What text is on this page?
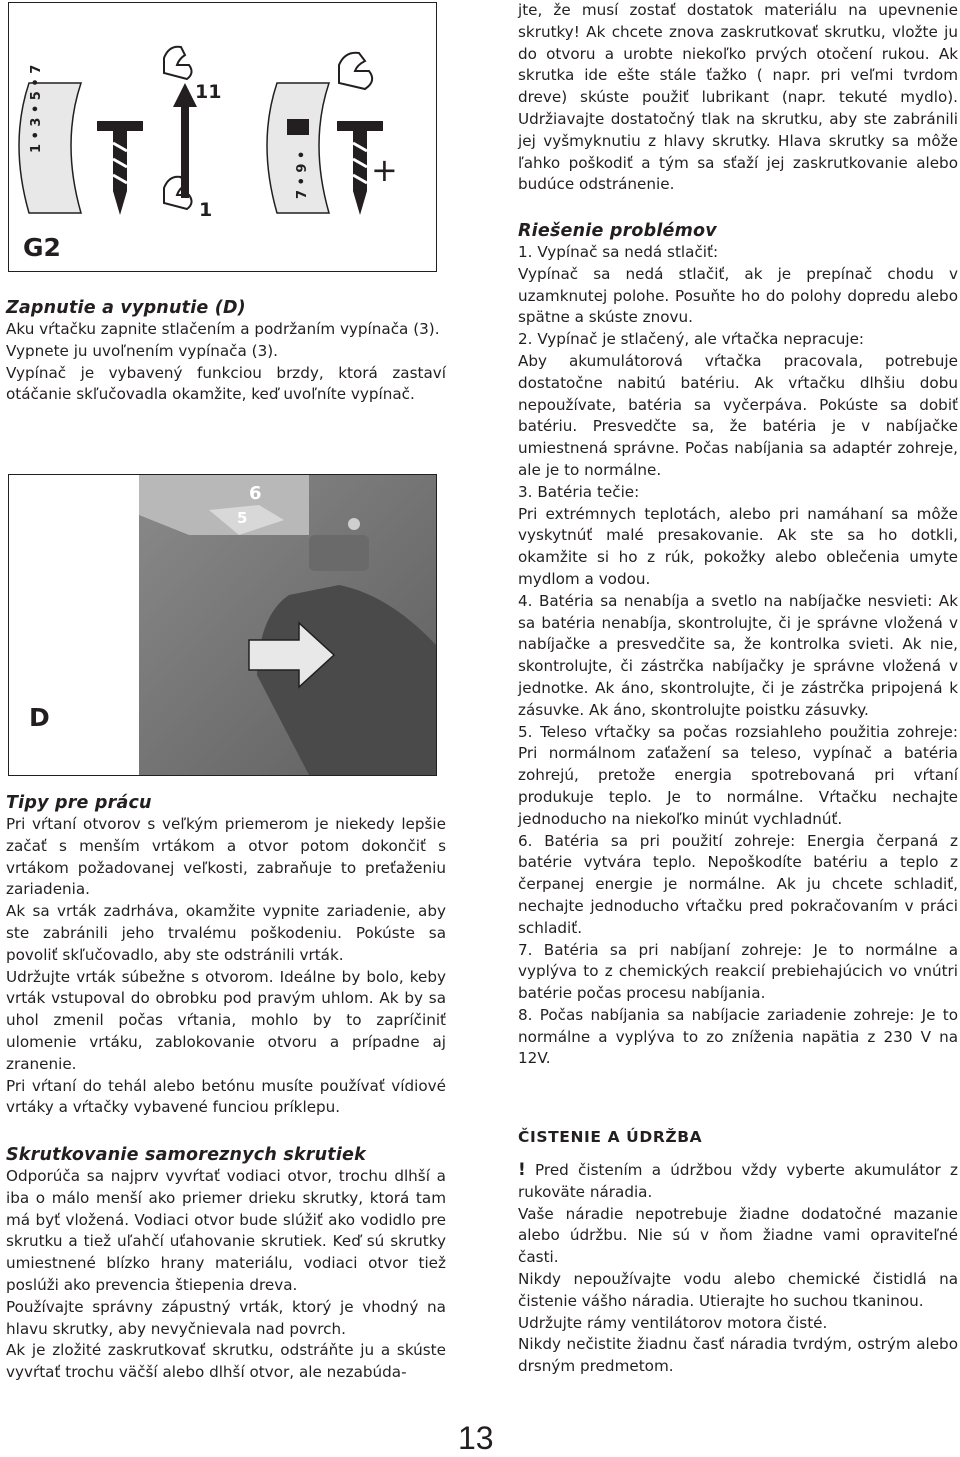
1 • 3 • 5 • 7
7 • 9 •
11
1
+
G2

Zapnutie a vypnutie (D)

Aku vŕtačku zapnite stlačením a podržaním vypínača (3).

Vypnete ju uvoľnením vypínača (3).

Vypínač je vybavený funkciou brzdy, ktorá zastaví otáčanie skľučovadla okamžite, keď uvoľníte vypínač.

6
5
D

Tipy pre prácu

Pri vŕtaní otvorov s veľkým priemerom je niekedy lepšie začať s menším vrtákom a otvor potom dokončiť s vrtákom požadovanej veľkosti, zabraňuje to preťaženiu zariadenia.

Ak sa vrták zadrháva, okamžite vypnite zariadenie, aby ste zabránili jeho trvalému poškodeniu. Pokúste sa povoliť skľučovadlo, aby ste odstránili vrták.

Udržujte vrták súbežne s otvorom. Ideálne by bolo, keby vrták vstupoval do obrobku pod pravým uhlom. Ak by sa uhol zmenil počas vŕtania, mohlo by to zapríčiniť ulomenie vrtáku, zablokovanie otvoru a prípadne aj zranenie.

Pri vŕtaní do tehál alebo betónu musíte používať vídiové vrtáky a vŕtačky vybavené funciou príklepu.

Skrutkovanie samoreznych skrutiek

Odporúča sa najprv vyvŕtať vodiaci otvor, trochu dlhší a iba o málo menší ako priemer drieku skrutky, ktorá tam má byť vložená. Vodiaci otvor bude slúžiť ako vodidlo pre skrutku a tiež uľahčí uťahovanie skrutiek. Keď sú skrutky umiestnené blízko hrany materiálu, vodiaci otvor tiež poslúži ako prevencia štiepenia dreva.

Používajte správny zápustný vrták, ktorý je vhodný na hlavu skrutky, aby nevyčnievala nad povrch.

Ak je zložité zaskrutkovať skrutku, odstráňte ju a skúste vyvŕtať trochu väčší alebo dlhší otvor, ale nezabúda-

jte, že musí zostať dostatok materiálu na upevnenie skrutky! Ak chcete znova zaskrutkovať skrutku, vložte ju do otvoru a urobte niekoľko prvých otočení rukou. Ak skrutka ide ešte stále ťažko ( napr. pri veľmi tvrdom dreve) skúste použiť lubrikant (napr. tekuté mydlo). Udržiavajte dostatočný tlak na skrutku, aby ste zabránili jej vyšmyknutiu z hlavy skrutky. Hlava skrutky sa môže ľahko poškodiť a tým sa sťaží jej zaskrutkovanie alebo budúce odstránenie.

Riešenie problémov

1. Vypínač sa nedá stlačiť:

Vypínač sa nedá stlačiť, ak je prepínač chodu v uzamknutej polohe. Posuňte ho do polohy dopredu alebo spätne a skúste znovu.

2. Vypínač je stlačený, ale vŕtačka nepracuje:

Aby akumulátorová vŕtačka pracovala, potrebuje dostatočne nabitú batériu. Ak vŕtačku dlhšiu dobu nepoužívate, batéria sa vyčerpáva. Pokúste sa dobiť batériu. Presvedčte sa, že batéria je v nabíjačke umiestnená správne. Počas nabíjania sa adaptér zohreje, ale je to normálne.

3. Batéria tečie:

Pri extrémnych teplotách, alebo pri namáhaní sa môže vyskytnúť malé presakovanie. Ak ste sa ho dotkli, okamžite si ho z rúk, pokožky alebo oblečenia umyte mydlom a vodou.

4. Batéria sa nenabíja a svetlo na nabíjačke nesvieti: Ak sa batéria nenabíja, skontrolujte, či je správne vložená v nabíjačke a presvedčite sa, že kontrolka svieti. Ak nie, skontrolujte, či zástrčka nabíjačky je správne vložená v jednotke. Ak áno, skontrolujte, či je zástrčka pripojená k zásuvke. Ak áno, skontrolujte poistku zásuvky.

5. Teleso vŕtačky sa počas rozsiahleho použitia zohreje: Pri normálnom zaťažení sa teleso, vypínač a batéria zohrejú, pretože energia spotrebovaná pri vŕtaní produkuje teplo. Je to normálne. Vŕtačku nechajte jednoducho na niekoľko minút vychladnúť.

6. Batéria sa pri použití zohreje: Energia čerpaná z batérie vytvára teplo. Nepoškodíte batériu a teplo z čerpanej energie je normálne. Ak ju chcete schladiť, nechajte jednoducho vŕtačku pred pokračovaním v práci schladiť.

7. Batéria sa pri nabíjaní zohreje: Je to normálne a vyplýva to z chemických reakcií prebiehajúcich vo vnútri batérie počas procesu nabíjania.

8. Počas nabíjania sa nabíjacie zariadenie zohreje: Je to normálne a vyplýva to zo zníženia napätia z 230 V na 12V.

ČISTENIE A ÚDRŽBA

! Pred čistením a údržbou vždy vyberte akumulátor z rukoväte náradia.

Vaše náradie nepotrebuje žiadne dodatočné mazanie alebo údržbu. Nie sú v ňom žiadne vami opraviteľné časti.

Nikdy nepoužívajte vodu alebo chemické čistidlá na čistenie vášho náradia. Utierajte ho suchou tkaninou.

Udržujte rámy ventilátorov motora čisté.

Nikdy nečistite žiadnu časť náradia tvrdým, ostrým alebo drsným predmetom.

13
